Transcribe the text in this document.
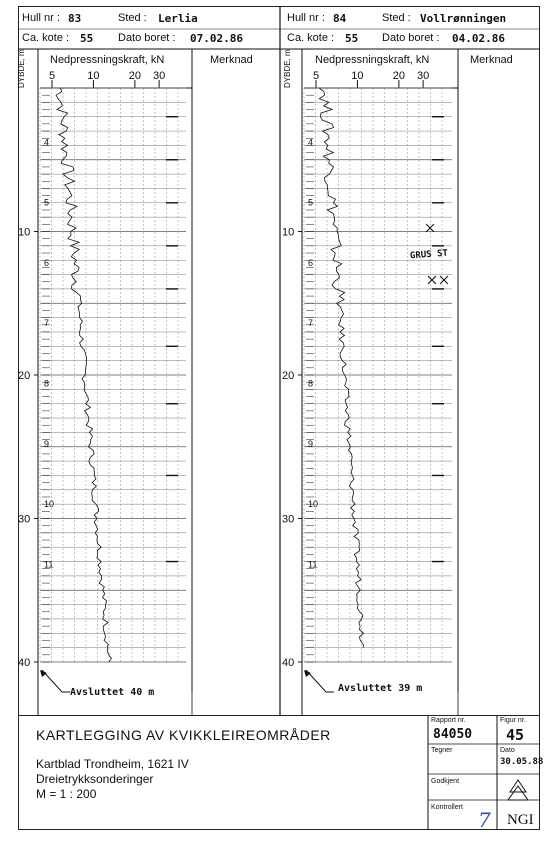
Hull nr : 83	Sted : Lerlia
Ca. kote : 55 Dato boret : 07.02.86
Hull nr : 84	Sted : Vollrønningen
Ca. kote : 55 Dato boret : 04.02.86
Nedpressningskraft, kN	Merknad	Nedpressningskraft, kN	Merknad
DYBDE, m	DYBDE, m
Avsluttet 40 m	Avsluttet 39 m
GRUS ST
5	10	20 30
10
20
30
40
4
5
6
7
8
9
10
11
5	10	20 30
10
20
30
40
4
5
6
7
8
9
10
11
KARTLEGGING AV KVIKKLEIREOMRÅDER
Kartblad Trondheim, 1621 IV
Dreietrykksonderinger
M = 1 : 200
Rapport nr.
84050
Figur nr.
45
Tegner	Dato
30.05.88
Godkjent
Kontrollert
7 NGI
